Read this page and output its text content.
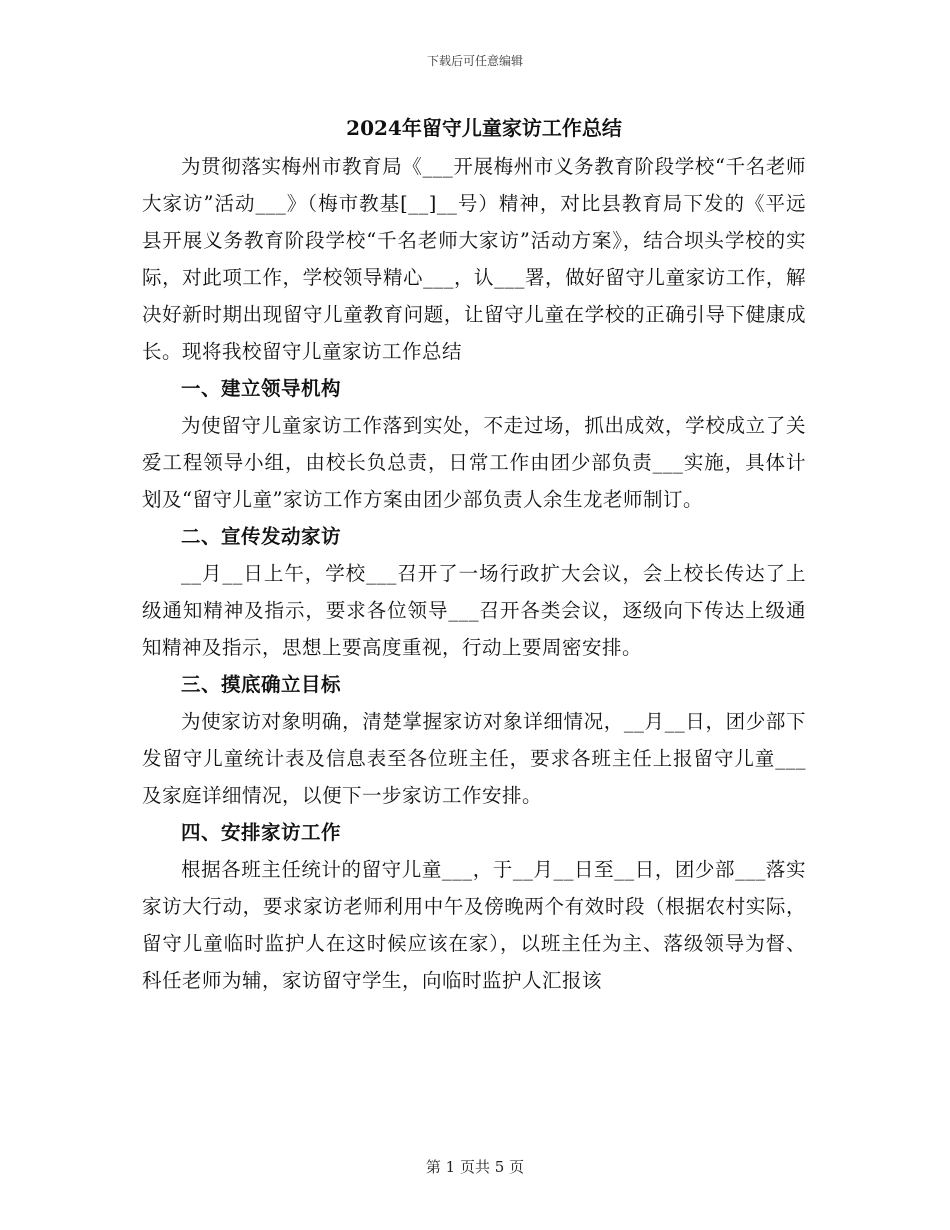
下载后可任意编辑
2024年留守儿童家访工作总结

为贯彻落实梅州市教育局《___开展梅州市义务教育阶段学校“千名老师大家访”活动___》（梅市教基[__]__号）精神，对比县教育局下发的《平远县开展义务教育阶段学校“千名老师大家访”活动方案》，结合坝头学校的实际，对此项工作，学校领导精心___，认___署，做好留守儿童家访工作，解决好新时期出现留守儿童教育问题，让留守儿童在学校的正确引导下健康成长。现将我校留守儿童家访工作总结

一、建立领导机构

为使留守儿童家访工作落到实处，不走过场，抓出成效，学校成立了关爱工程领导小组，由校长负总责，日常工作由团少部负责___实施，具体计划及“留守儿童”家访工作方案由团少部负责人余生龙老师制订。

二、宣传发动家访

__月__日上午，学校___召开了一场行政扩大会议，会上校长传达了上级通知精神及指示，要求各位领导___召开各类会议，逐级向下传达上级通知精神及指示，思想上要高度重视，行动上要周密安排。

三、摸底确立目标

为使家访对象明确，清楚掌握家访对象详细情况，__月__日，团少部下发留守儿童统计表及信息表至各位班主任，要求各班主任上报留守儿童___及家庭详细情况，以便下一步家访工作安排。

四、安排家访工作

根据各班主任统计的留守儿童___，于__月__日至__日，团少部___落实家访大行动，要求家访老师利用中午及傍晚两个有效时段（根据农村实际，留守儿童临时监护人在这时候应该在家），以班主任为主、落级领导为督、科任老师为辅，家访留守学生，向临时监护人汇报该

第 1 页共 5 页
